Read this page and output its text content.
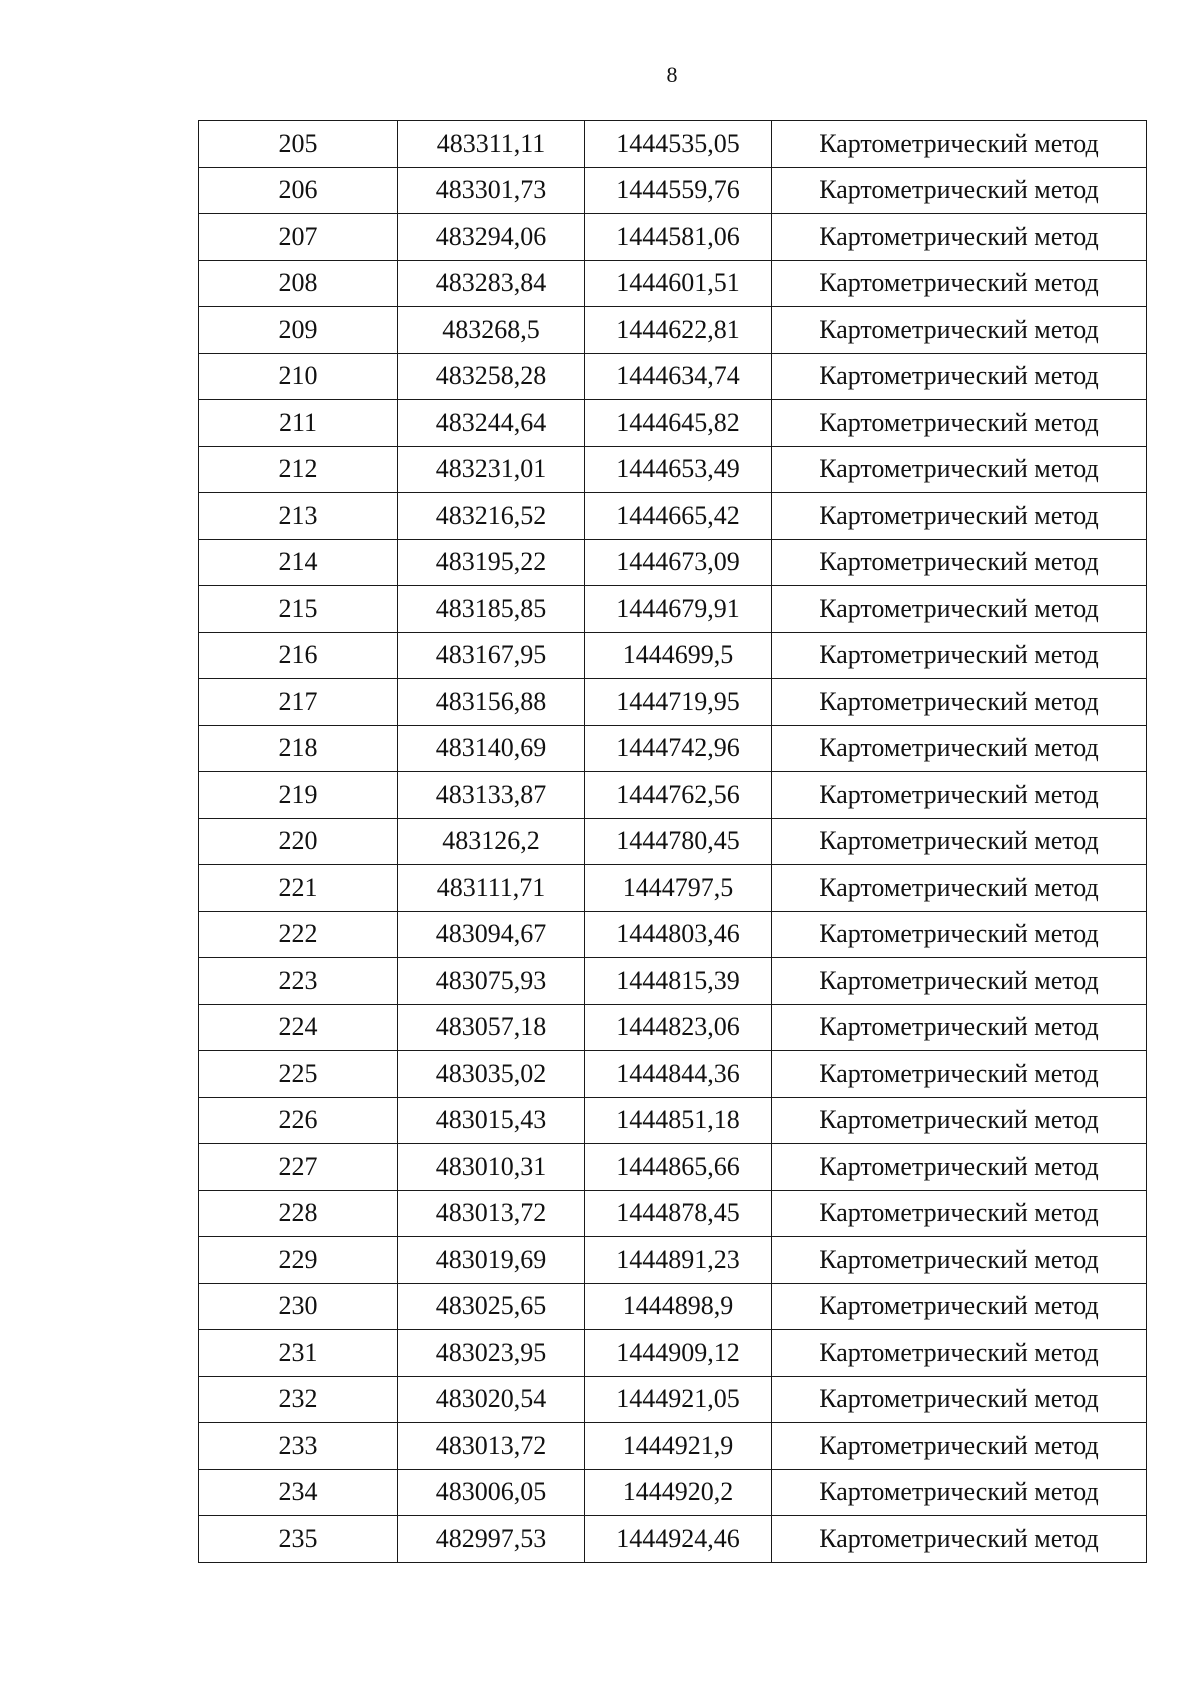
8
205	483311,11	1444535,05	Картометрический метод
206	483301,73	1444559,76	Картометрический метод
207	483294,06	1444581,06	Картометрический метод
208	483283,84	1444601,51	Картометрический метод
209	483268,5	1444622,81	Картометрический метод
210	483258,28	1444634,74	Картометрический метод
211	483244,64	1444645,82	Картометрический метод
212	483231,01	1444653,49	Картометрический метод
213	483216,52	1444665,42	Картометрический метод
214	483195,22	1444673,09	Картометрический метод
215	483185,85	1444679,91	Картометрический метод
216	483167,95	1444699,5	Картометрический метод
217	483156,88	1444719,95	Картометрический метод
218	483140,69	1444742,96	Картометрический метод
219	483133,87	1444762,56	Картометрический метод
220	483126,2	1444780,45	Картометрический метод
221	483111,71	1444797,5	Картометрический метод
222	483094,67	1444803,46	Картометрический метод
223	483075,93	1444815,39	Картометрический метод
224	483057,18	1444823,06	Картометрический метод
225	483035,02	1444844,36	Картометрический метод
226	483015,43	1444851,18	Картометрический метод
227	483010,31	1444865,66	Картометрический метод
228	483013,72	1444878,45	Картометрический метод
229	483019,69	1444891,23	Картометрический метод
230	483025,65	1444898,9	Картометрический метод
231	483023,95	1444909,12	Картометрический метод
232	483020,54	1444921,05	Картометрический метод
233	483013,72	1444921,9	Картометрический метод
234	483006,05	1444920,2	Картометрический метод
235	482997,53	1444924,46	Картометрический метод
